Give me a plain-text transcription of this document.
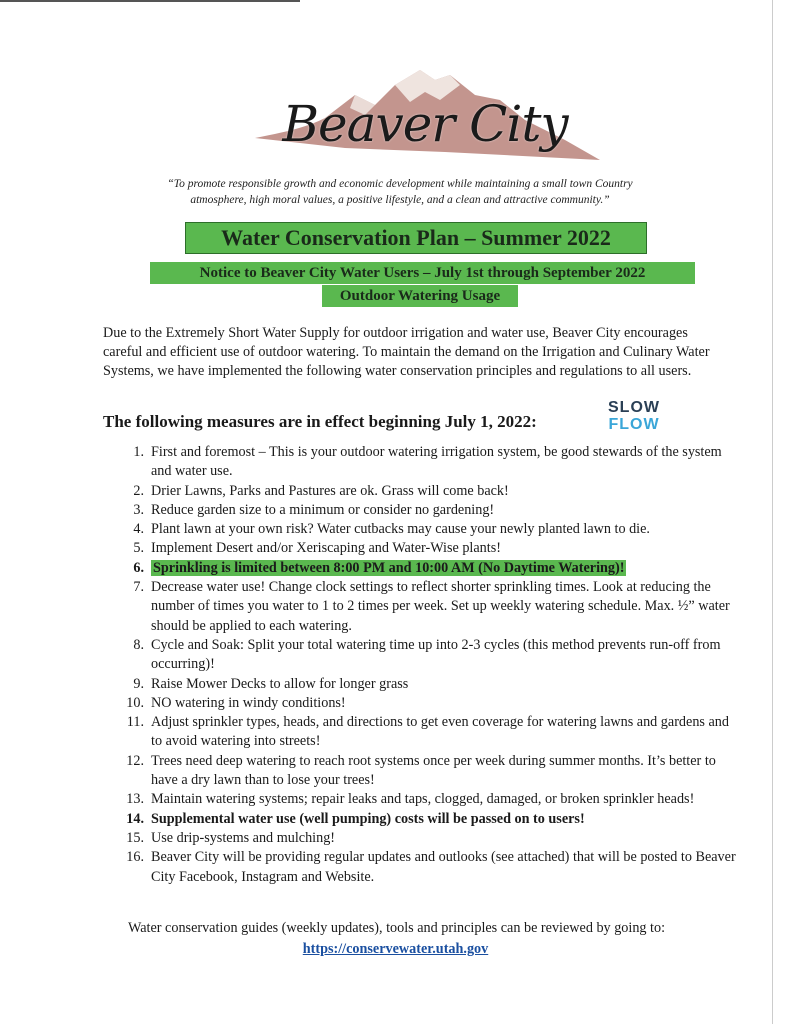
Beaver City
“To promote responsible growth and economic development while maintaining a small town Country atmosphere, high moral values, a positive lifestyle, and a clean and attractive community.”
Water Conservation Plan – Summer 2022
Notice to Beaver City Water Users – July 1st through September 2022
Outdoor Watering Usage
Due to the Extremely Short Water Supply for outdoor irrigation and water use, Beaver City encourages careful and efficient use of outdoor watering. To maintain the demand on the Irrigation and Culinary Water Systems, we have implemented the following water conservation principles and regulations to all users.
The following measures are in effect beginning July 1, 2022:
SLOW
FLOW
1. First and foremost – This is your outdoor watering irrigation system, be good stewards of the system and water use.
2. Drier Lawns, Parks and Pastures are ok. Grass will come back!
3. Reduce garden size to a minimum or consider no gardening!
4. Plant lawn at your own risk? Water cutbacks may cause your newly planted lawn to die.
5. Implement Desert and/or Xeriscaping and Water-Wise plants!
6. Sprinkling is limited between 8:00 PM and 10:00 AM (No Daytime Watering)!
7. Decrease water use! Change clock settings to reflect shorter sprinkling times. Look at reducing the number of times you water to 1 to 2 times per week. Set up weekly watering schedule. Max. ½” water should be applied to each watering.
8. Cycle and Soak: Split your total watering time up into 2-3 cycles (this method prevents run-off from occurring)!
9. Raise Mower Decks to allow for longer grass
10. NO watering in windy conditions!
11. Adjust sprinkler types, heads, and directions to get even coverage for watering lawns and gardens and to avoid watering into streets!
12. Trees need deep watering to reach root systems once per week during summer months. It’s better to have a dry lawn than to lose your trees!
13. Maintain watering systems; repair leaks and taps, clogged, damaged, or broken sprinkler heads!
14. Supplemental water use (well pumping) costs will be passed on to users!
15. Use drip-systems and mulching!
16. Beaver City will be providing regular updates and outlooks (see attached) that will be posted to Beaver City Facebook, Instagram and Website.
Water conservation guides (weekly updates), tools and principles can be reviewed by going to:
https://conservewater.utah.gov
